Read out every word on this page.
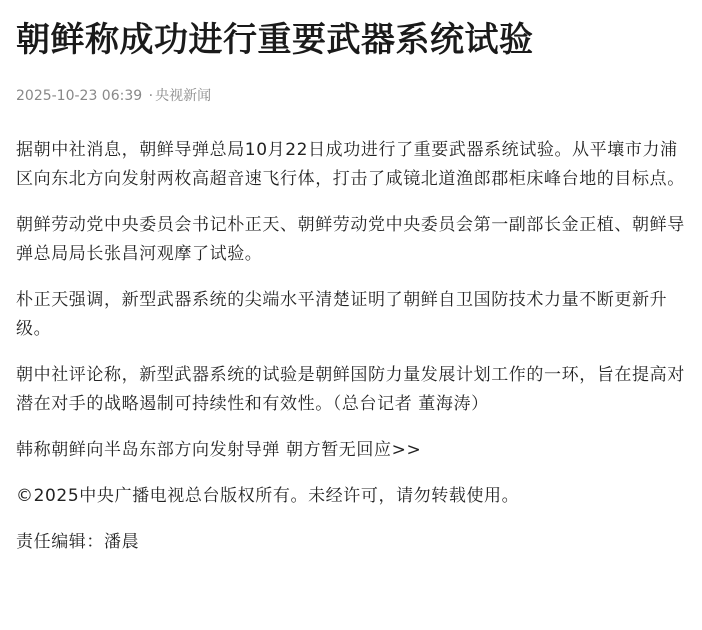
朝鲜称成功进行重要武器系统试验
2025-10-23 06:39 · 央视新闻

据朝中社消息，朝鲜导弹总局10月22日成功进行了重要武器系统试验。从平壤市力浦区向东北方向发射两枚高超音速飞行体，打击了咸镜北道渔郎郡柜床峰台地的目标点。

朝鲜劳动党中央委员会书记朴正天、朝鲜劳动党中央委员会第一副部长金正植、朝鲜导弹总局局长张昌河观摩了试验。

朴正天强调，新型武器系统的尖端水平清楚证明了朝鲜自卫国防技术力量不断更新升级。

朝中社评论称，新型武器系统的试验是朝鲜国防力量发展计划工作的一环，旨在提高对潜在对手的战略遏制可持续性和有效性。（总台记者 董海涛）

韩称朝鲜向半岛东部方向发射导弹 朝方暂无回应>>

©2025中央广播电视总台版权所有。未经许可，请勿转载使用。

责任编辑：潘晨
